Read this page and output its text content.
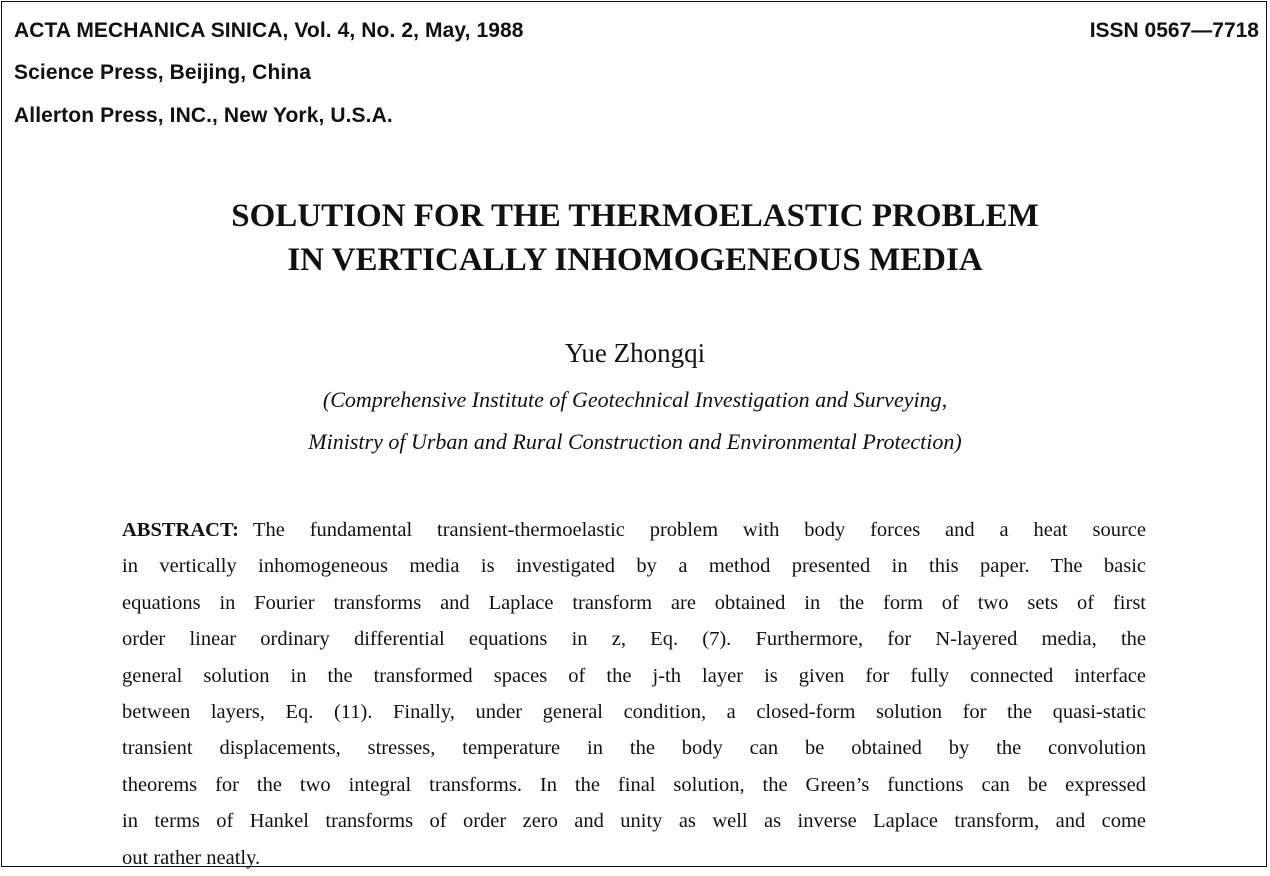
ACTA MECHANICA SINICA, Vol. 4, No. 2, May, 1988	ISSN 0567—7718
Science Press, Beijing, China
Allerton Press, INC., New York, U.S.A.
SOLUTION FOR THE THERMOELASTIC PROBLEM
IN VERTICALLY INHOMOGENEOUS MEDIA
Yue Zhongqi
(Comprehensive Institute of Geotechnical Investigation and Surveying,
Ministry of Urban and Rural Construction and Environmental Protection)
ABSTRACT: The fundamental transient-thermoelastic problem with body forces and a heat source
in vertically inhomogeneous media is investigated by a method presented in this paper. The basic
equations in Fourier transforms and Laplace transform are obtained in the form of two sets of first
order linear ordinary differential equations in z, Eq. (7). Furthermore, for N-layered media, the
general solution in the transformed spaces of the j-th layer is given for fully connected interface
between layers, Eq. (11). Finally, under general condition, a closed-form solution for the quasi-static
transient displacements, stresses, temperature in the body can be obtained by the convolution
theorems for the two integral transforms. In the final solution, the Green’s functions can be expressed
in terms of Hankel transforms of order zero and unity as well as inverse Laplace transform, and come
out rather neatly.
